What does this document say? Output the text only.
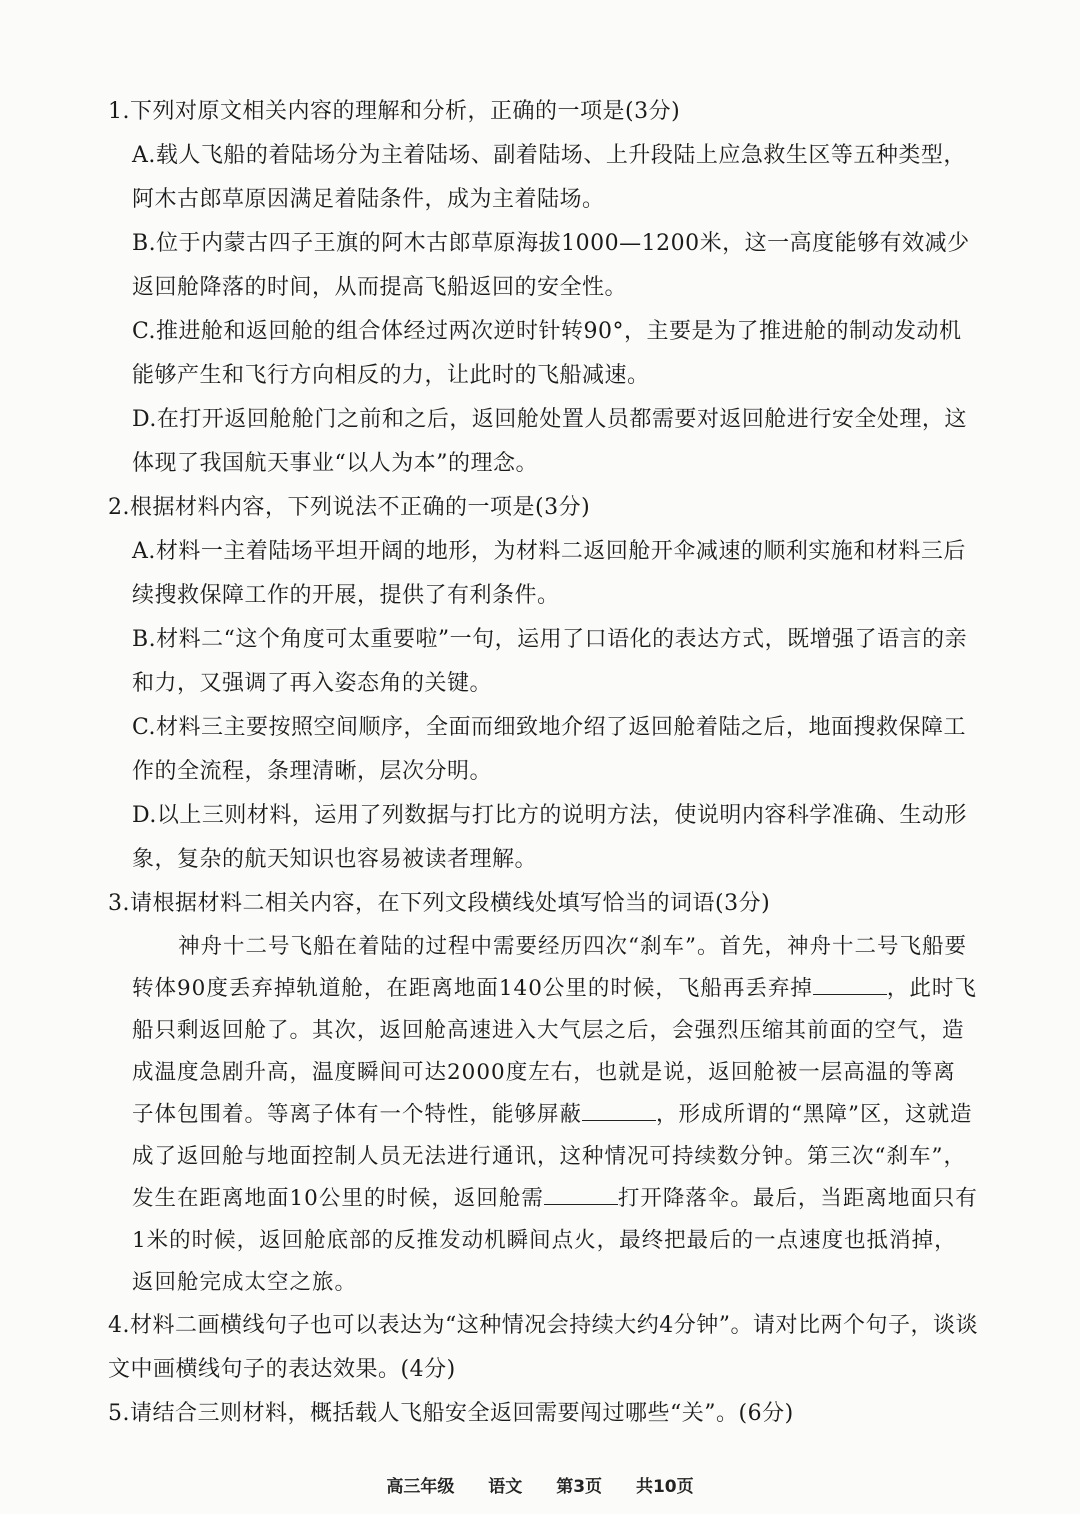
1.下列对原文相关内容的理解和分析，正确的一项是(3分)

A.载人飞船的着陆场分为主着陆场、副着陆场、上升段陆上应急救生区等五种类型，阿木古郎草原因满足着陆条件，成为主着陆场。

B.位于内蒙古四子王旗的阿木古郎草原海拔1000—1200米，这一高度能够有效减少返回舱降落的时间，从而提高飞船返回的安全性。

C.推进舱和返回舱的组合体经过两次逆时针转90°，主要是为了推进舱的制动发动机能够产生和飞行方向相反的力，让此时的飞船减速。

D.在打开返回舱舱门之前和之后，返回舱处置人员都需要对返回舱进行安全处理，这体现了我国航天事业“以人为本”的理念。

2.根据材料内容，下列说法不正确的一项是(3分)

A.材料一主着陆场平坦开阔的地形，为材料二返回舱开伞减速的顺利实施和材料三后续搜救保障工作的开展，提供了有利条件。

B.材料二“这个角度可太重要啦”一句，运用了口语化的表达方式，既增强了语言的亲和力，又强调了再入姿态角的关键。

C.材料三主要按照空间顺序，全面而细致地介绍了返回舱着陆之后，地面搜救保障工作的全流程，条理清晰，层次分明。

D.以上三则材料，运用了列数据与打比方的说明方法，使说明内容科学准确、生动形象，复杂的航天知识也容易被读者理解。

3.请根据材料二相关内容，在下列文段横线处填写恰当的词语(3分)

神舟十二号飞船在着陆的过程中需要经历四次“刹车”。首先，神舟十二号飞船要转体90度丢弃掉轨道舱，在距离地面140公里的时候，飞船再丢弃掉	，此时飞船只剩返回舱了。其次，返回舱高速进入大气层之后，会强烈压缩其前面的空气，造成温度急剧升高，温度瞬间可达2000度左右，也就是说，返回舱被一层高温的等离子体包围着。等离子体有一个特性，能够屏蔽	，形成所谓的“黑障”区，这就造成了返回舱与地面控制人员无法进行通讯，这种情况可持续数分钟。第三次“刹车”，发生在距离地面10公里的时候，返回舱需	打开降落伞。最后，当距离地面只有1米的时候，返回舱底部的反推发动机瞬间点火，最终把最后的一点速度也抵消掉，返回舱完成太空之旅。

4.材料二画横线句子也可以表达为“这种情况会持续大约4分钟”。请对比两个句子，谈谈文中画横线句子的表达效果。(4分)

5.请结合三则材料，概括载人飞船安全返回需要闯过哪些“关”。(6分)

高三年级 语文 第3页 共10页
